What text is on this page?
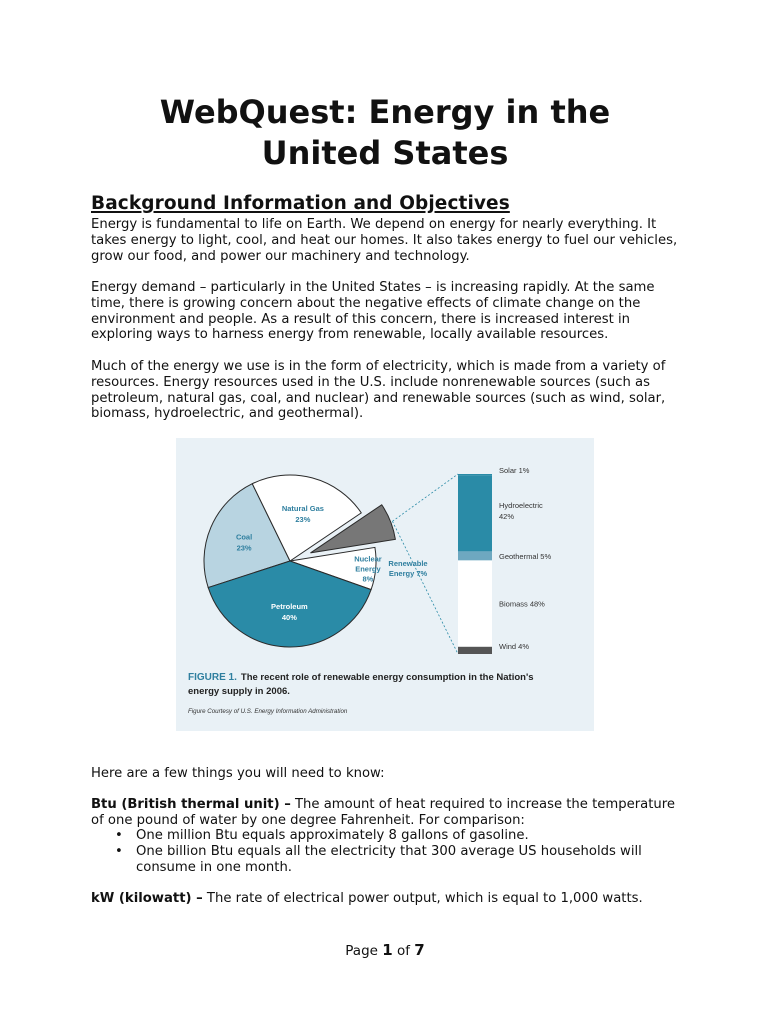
WebQuest: Energy in the
United States
Background Information and Objectives

Energy is fundamental to life on Earth. We depend on energy for nearly everything. It
takes energy to light, cool, and heat our homes. It also takes energy to fuel our vehicles,
grow our food, and power our machinery and technology.

Energy demand – particularly in the United States – is increasing rapidly. At the same
time, there is growing concern about the negative effects of climate change on the
environment and people. As a result of this concern, there is increased interest in
exploring ways to harness energy from renewable, locally available resources.

Much of the energy we use is in the form of electricity, which is made from a variety of
resources. Energy resources used in the U.S. include nonrenewable sources (such as
petroleum, natural gas, coal, and nuclear) and renewable sources (such as wind, solar,
biomass, hydroelectric, and geothermal).

Coal
23%
Natural Gas
23%
Renewable
Energy 7%
Nuclear
Energy
8%
Petroleum
40%
Solar 1%
Hydroelectric
42%
Geothermal 5%
Biomass 48%
Wind 4%
FIGURE 1. The recent role of renewable energy consumption in the Nation's
energy supply in 2006.
Figure Courtesy of U.S. Energy Information Administration

Here are a few things you will need to know:

Btu (British thermal unit) – The amount of heat required to increase the temperature
of one pound of water by one degree Fahrenheit. For comparison:

• One million Btu equals approximately 8 gallons of gasoline.
• One billion Btu equals all the electricity that 300 average US households will
consume in one month.

kW (kilowatt) – The rate of electrical power output, which is equal to 1,000 watts.

Page 1 of 7
